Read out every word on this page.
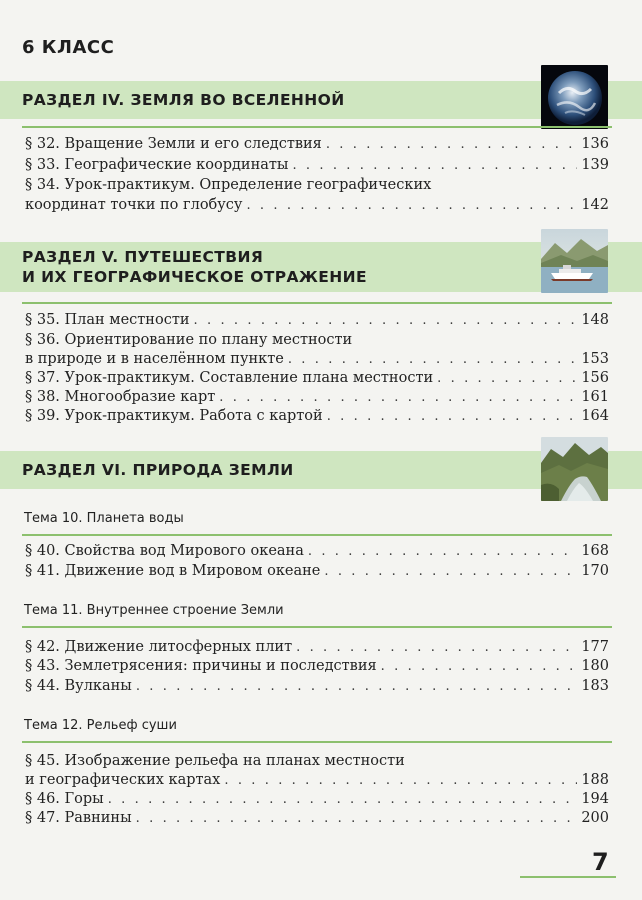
6 КЛАСС
РАЗДЕЛ IV. ЗЕМЛЯ ВО ВСЕЛЕННОЙ
§ 32. Вращение Земли и его следствия . . .	136
§ 33. Географические координаты . . .	139
§ 34. Урок-практикум. Определение географических
координат точки по глобусу . . .	142
РАЗДЕЛ V. ПУТЕШЕСТВИЯ
И ИХ ГЕОГРАФИЧЕСКОЕ ОТРАЖЕНИЕ
§ 35. План местности . . .	148
§ 36. Ориентирование по плану местности
в природе и в населённом пункте . . .	153
§ 37. Урок-практикум. Составление плана местности . . .	156
§ 38. Многообразие карт . . .	161
§ 39. Урок-практикум. Работа с картой . . .	164
РАЗДЕЛ VI. ПРИРОДА ЗЕМЛИ
Тема 10. Планета воды
§ 40. Свойства вод Мирового океана . . .	168
§ 41. Движение вод в Мировом океане . . .	170
Тема 11. Внутреннее строение Земли
§ 42. Движение литосферных плит . . .	177
§ 43. Землетрясения: причины и последствия . . .	180
§ 44. Вулканы . . .	183
Тема 12. Рельеф суши
§ 45. Изображение рельефа на планах местности
и географических картах . . .	188
§ 46. Горы . . .	194
§ 47. Равнины . . .	200
7
